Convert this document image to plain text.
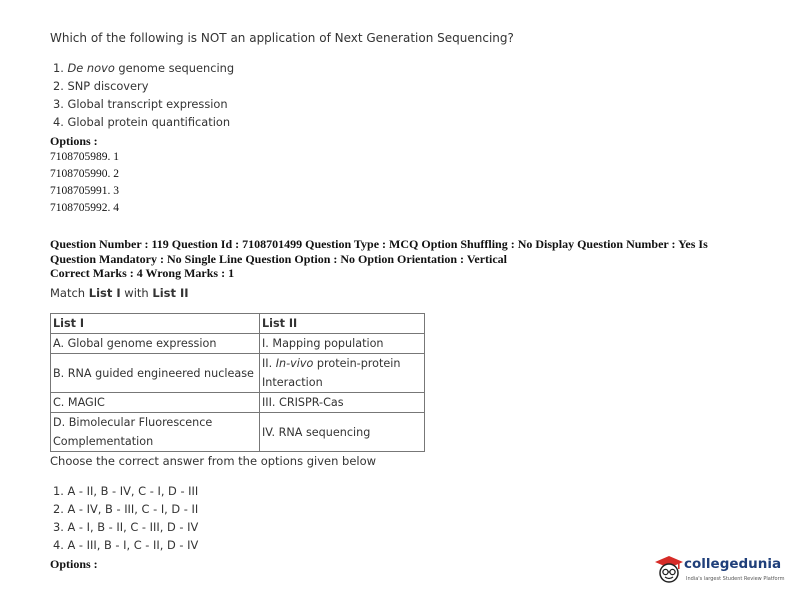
Which of the following is NOT an application of Next Generation Sequencing?
1. De novo genome sequencing
2. SNP discovery
3. Global transcript expression
4. Global protein quantification
Options :
7108705989. 1
7108705990. 2
7108705991. 3
7108705992. 4
Question Number : 119 Question Id : 7108701499 Question Type : MCQ Option Shuffling : No Display Question Number : Yes Is
Question Mandatory : No Single Line Question Option : No Option Orientation : Vertical
Correct Marks : 4 Wrong Marks : 1
Match List I with List II
List I	List II
A. Global genome expression	I. Mapping population
B. RNA guided engineered nuclease	II. In-vivo protein-protein
Interaction
C. MAGIC	III. CRISPR-Cas
D. Bimolecular Fluorescence
Complementation	IV. RNA sequencing
Choose the correct answer from the options given below
1. A - II, B - IV, C - I, D - III
2. A - IV, B - III, C - I, D - II
3. A - I, B - II, C - III, D - IV
4. A - III, B - I, C - II, D - IV
Options :	collegedunia
India's largest Student Review Platform
